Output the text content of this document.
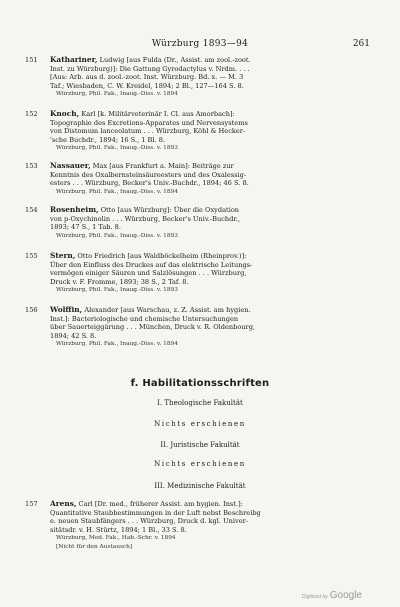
Würzburg 1893—94	261
151 Kathariner, Ludwig [aus Fulda (Dr., Assist. am zool.-zoot.
Inst. zu Würzburg)]: Die Gattung Gyrodactylus v. Nrdm. . . .
[Aus: Arb. aus d. zool.-zoot. Inst. Würzburg. Bd. x. — M. 3
Taf.; Wiesbaden, C. W. Kreidel, 1894; 2 Bl., 127—164 S. 8.
Würzburg, Phil. Fak., Inaug.-Diss. v. 1894
152 Knoch, Karl [k. Militärveterinär I. Cl. aus Amorbach]:
Topographie des Excretions-Apparates und Nervensystems
von Distomum lanceolatum . . . Würzburg, Köhl & Hecker-
'sche Buchdr., 1894; 16 S., 1 Bl. 8.
Würzburg, Phil. Fak., Inaug.-Diss. v. 1893
153 Nassauer, Max [aus Frankfurt a. Main]: Beiträge zur
Kenntnis des Oxalbernsteinsäureesters und des Oxalessig-
esters . . . Würzburg, Becker's Univ.-Buchdr., 1894; 46 S. 8.
Würzburg, Phil. Fak., Inaug.-Diss. v. 1894
154 Rosenheim, Otto [aus Würzburg]: Über die Oxydation
von p-Oxychinolin . . . Würzburg, Becker's Univ.-Buchdr.,
1893; 47 S., 1 Tab. 8.
Würzburg, Phil. Fak., Inaug.-Diss. v. 1893
155 Stern, Otto Friedrich [aus Waldböckelheim (Rheinprov.)]:
Über den Einfluss des Druckes auf das elektrische Leitungs-
vermögen einiger Säuren und Salzlösungen . . . Würzburg,
Druck v. F. Fromme, 1893; 38 S., 2 Taf. 8.
Würzburg, Phil. Fak., Inaug.-Diss. v. 1893
156 Wolffin, Alexander [aus Warschau, z. Z. Assist. am hygien.
Inst.]: Bacteriologische und chemische Untersuchungen
über Sauerteiggärung . . . München, Druck v. R. Oldenbourg,
1894; 42 S. 8.
Würzburg, Phil. Fak., Inaug.-Diss. v. 1894
f. Habilitationsschriften
I. Theologische Fakultät
Nichts erschienen
II. Juristische Fakultät
Nichts erschienen
III. Medizinische Fakultät
157 Arens, Carl [Dr. med., früherer Assist. am hygien. Inst.]:
Quantitative Staubbestimmungen in der Luft nebst Beschreibg
e. neuen Staubfängers . . . Würzburg, Druck d. kgl. Univer-
sitätsdr. v. H. Stürtz, 1894; 1 Bl., 33 S. 8.
Würzburg, Med. Fak., Hab.-Schr. v. 1894
[Nicht für den Austausch]
Digitized by Google
